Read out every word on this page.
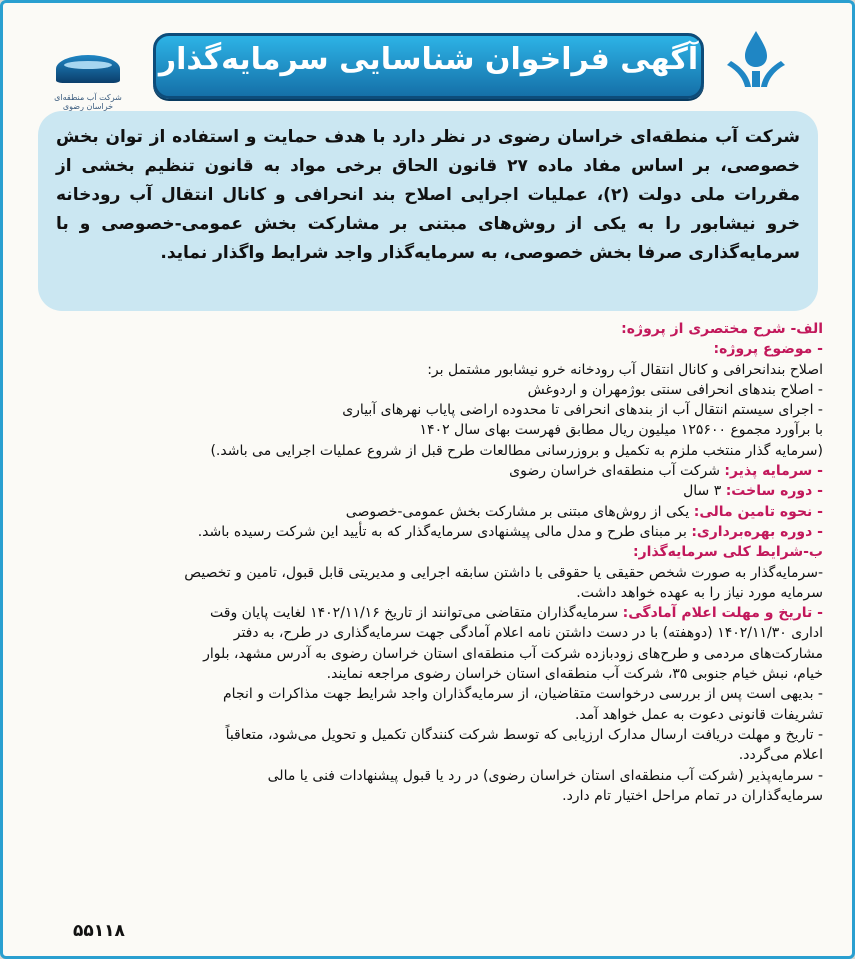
شرکت آب منطقه‌ای خراسان رضوی
آگهی فراخوان شناسایی سرمایه‌گذار

شرکت آب منطقه‌ای خراسان رضوی در نظر دارد با هدف حمایت و استفاده از توان بخش خصوصی، بر اساس مفاد ماده ۲۷ قانون الحاق برخی مواد به قانون تنظیم بخشی از مقررات ملی دولت (۲)، عملیات اجرایی اصلاح بند انحرافی و کانال انتقال آب رودخانه خرو نیشابور را به یکی از روش‌های مبتنی بر مشارکت بخش عمومی-خصوصی و با سرمایه‌گذاری صرفا بخش خصوصی، به سرمایه‌گذار واجد شرایط واگذار نماید.

الف- شرح مختصری از پروژه:

- موضوع پروژه:

اصلاح بندانحرافی و کانال انتقال آب رودخانه خرو نیشابور مشتمل بر:

- اصلاح بندهای انحرافی سنتی بوژمهران و اردوغش

- اجرای سیستم انتقال آب از بندهای انحرافی تا محدوده اراضی پایاب نهرهای آبیاری

با برآورد مجموع ۱۲۵۶۰۰ میلیون ریال مطابق فهرست بهای سال ۱۴۰۲

(سرمایه گذار منتخب ملزم به تکمیل و بروزرسانی مطالعات طرح قبل از شروع عملیات اجرایی می باشد.)

- سرمایه پذیر: شرکت آب منطقه‌ای خراسان رضوی

- دوره ساخت: ۳ سال

- نحوه تامین مالی: یکی از روش‌های مبتنی بر مشارکت بخش عمومی-خصوصی

- دوره بهره‌برداری: بر مبنای طرح و مدل مالی پیشنهادی سرمایه‌گذار که به تأیید این شرکت رسیده باشد.

ب-شرایط کلی سرمایه‌گذار:

-سرمایه‌گذار به صورت شخص حقیقی یا حقوقی با داشتن سابقه اجرایی و مدیریتی قابل قبول، تامین و تخصیص

سرمایه مورد نیاز را به عهده خواهد داشت.

- تاریخ و مهلت اعلام آمادگی: سرمایه‌گذاران متقاضی می‌توانند از تاریخ ۱۴۰۲/۱۱/۱۶ لغایت پایان وقت

اداری ۱۴۰۲/۱۱/۳۰ (دوهفته) با در دست داشتن نامه اعلام آمادگی جهت سرمایه‌گذاری در طرح، به دفتر

مشارکت‌های مردمی و طرح‌های زودبازده شرکت آب منطقه‌ای استان خراسان رضوی به آدرس مشهد، بلوار

خیام، نبش خیام جنوبی ۳۵، شرکت آب منطقه‌ای استان خراسان رضوی مراجعه نمایند.

- بدیهی است پس از بررسی درخواست متقاضیان، از سرمایه‌گذاران واجد شرایط جهت مذاکرات و انجام

تشریفات قانونی دعوت به عمل خواهد آمد.

- تاریخ و مهلت دریافت ارسال مدارک ارزیابی که توسط شرکت کنندگان تکمیل و تحویل می‌شود، متعاقباً

اعلام می‌گردد.

- سرمایه‌پذیر (شرکت آب منطقه‌ای استان خراسان رضوی) در رد یا قبول پیشنهادات فنی یا مالی

سرمایه‌گذاران در تمام مراحل اختیار تام دارد.

۵۵۱۱۸
